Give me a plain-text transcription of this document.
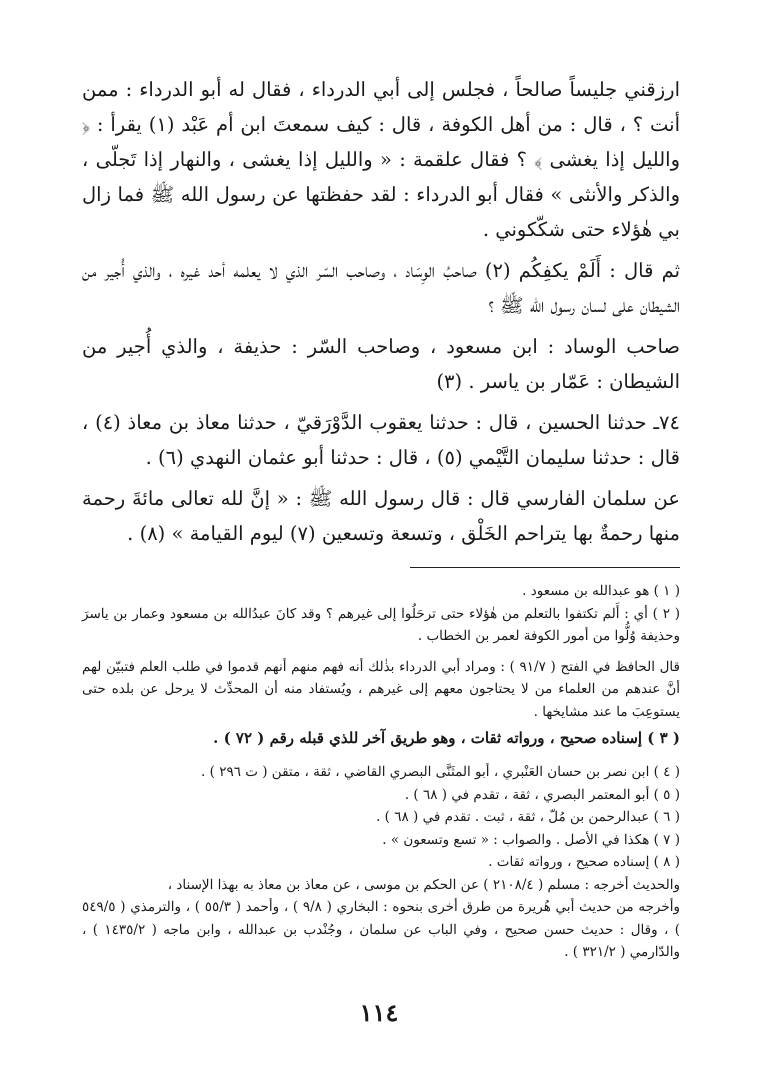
ارزقني جليساً صالحاً ، فجلس إلى أبي الدرداء ، فقال له أبو الدرداء : ممن أنت ؟ ، قال : من أهل الكوفة ، قال : كيف سمعتَ ابن أم عَبْد (١) يقرأ : ﴿ والليل إذا يغشى ﴾ ؟ فقال علقمة : « والليل إذا يغشى ، والنهار إذا تَجلّى ، والذكر والأنثى » فقال أبو الدرداء : لقد حفظتها عن رسول الله ﷺ فما زال بي هٰؤلاء حتى شكّكوني .

ثم قال : أَلَمْ يكفِكُم (٢) صاحبُ الوِسَاد ، وصاحب السّر الذي لا يعلمه أحد غيره ، والذي أُجير من الشيطان على لسان رسول الله ﷺ ؟

صاحب الوساد : ابن مسعود ، وصاحب السّر : حذيفة ، والذي أُجير من الشيطان : عَمّار بن ياسر . (٣)

٧٤ـ حدثنا الحسين ، قال : حدثنا يعقوب الدَّوْرَقيّ ، حدثنا معاذ بن معاذ (٤) ، قال : حدثنا سليمان التَّيْمي (٥) ، قال : حدثنا أبو عثمان النهدي (٦) .

عن سلمان الفارسي قال : قال رسول الله ﷺ : « إنَّ لله تعالى مائةَ رحمة منها رحمةٌ بها يتراحم الخَلْق ، وتسعة وتسعين (٧) ليوم القيامة » (٨) .

( ١ ) هو عبدالله بن مسعود .

( ٢ ) أي : أَلم تكتفوا بالتعلم من هٰؤلاء حتى ترحَلُوا إلى غيرهم ؟ وقد كانَ عبدُالله بن مسعود وعمار بن ياسرَ وحذيفة وُلُّوا من أمور الكوفة لعمر بن الخطاب .

قال الحافظ في الفتح ( ٩١/٧ ) : ومراد أبي الدرداء بذٰلك أنه فهم منهم أنهم قدموا في طلب العلم فتبيّن لهم أنَّ عندهم من العلماء من لا يحتاجون معهم إلى غيرهم ، ويُستفاد منه أن المحدِّث لا يرحل عن بلده حتى يستوعِبَ ما عند مشايخها .

( ٣ ) إسناده صحيح ، ورواته ثقات ، وهو طريق آخر للذي قبله رقم ( ٧٢ ) .

( ٤ ) ابن نصر بن حسان العَنْبري ، أبو المثَنَّى البصري القاضي ، ثقة ، متقن ( ت ٢٩٦ ) .

( ٥ ) أبو المعتمر البصري ، ثقة ، تقدم في ( ٦٨ ) .

( ٦ ) عبدالرحمن بن مُلّ ، ثقة ، ثبت . تقدم في ( ٦٨ ) .

( ٧ ) هكذا في الأصل . والصواب : « تسع وتسعون » .

( ٨ ) إسناده صحيح ، ورواته ثقات .

والحديث أخرجه : مسلم ( ٢١٠٨/٤ ) عن الحكم بن موسى ، عن معاذ بن معاذ به بهذا الإسناد ،

وأخرجه من حديث أبي هُريرة من طرق أخرى بنحوه : البخاري ( ٩/٨ ) ، وأحمد ( ٥٥/٣ ) ، والترمذي ( ٥٤٩/٥ ) ، وقال : حديث حسن صحيح ، وفي الباب عن سلمان ، وجُنْدب بن عبدالله ، وابن ماجه ( ١٤٣٥/٢ ) ، والدّارمي ( ٣٢١/٢ ) .

١١٤
